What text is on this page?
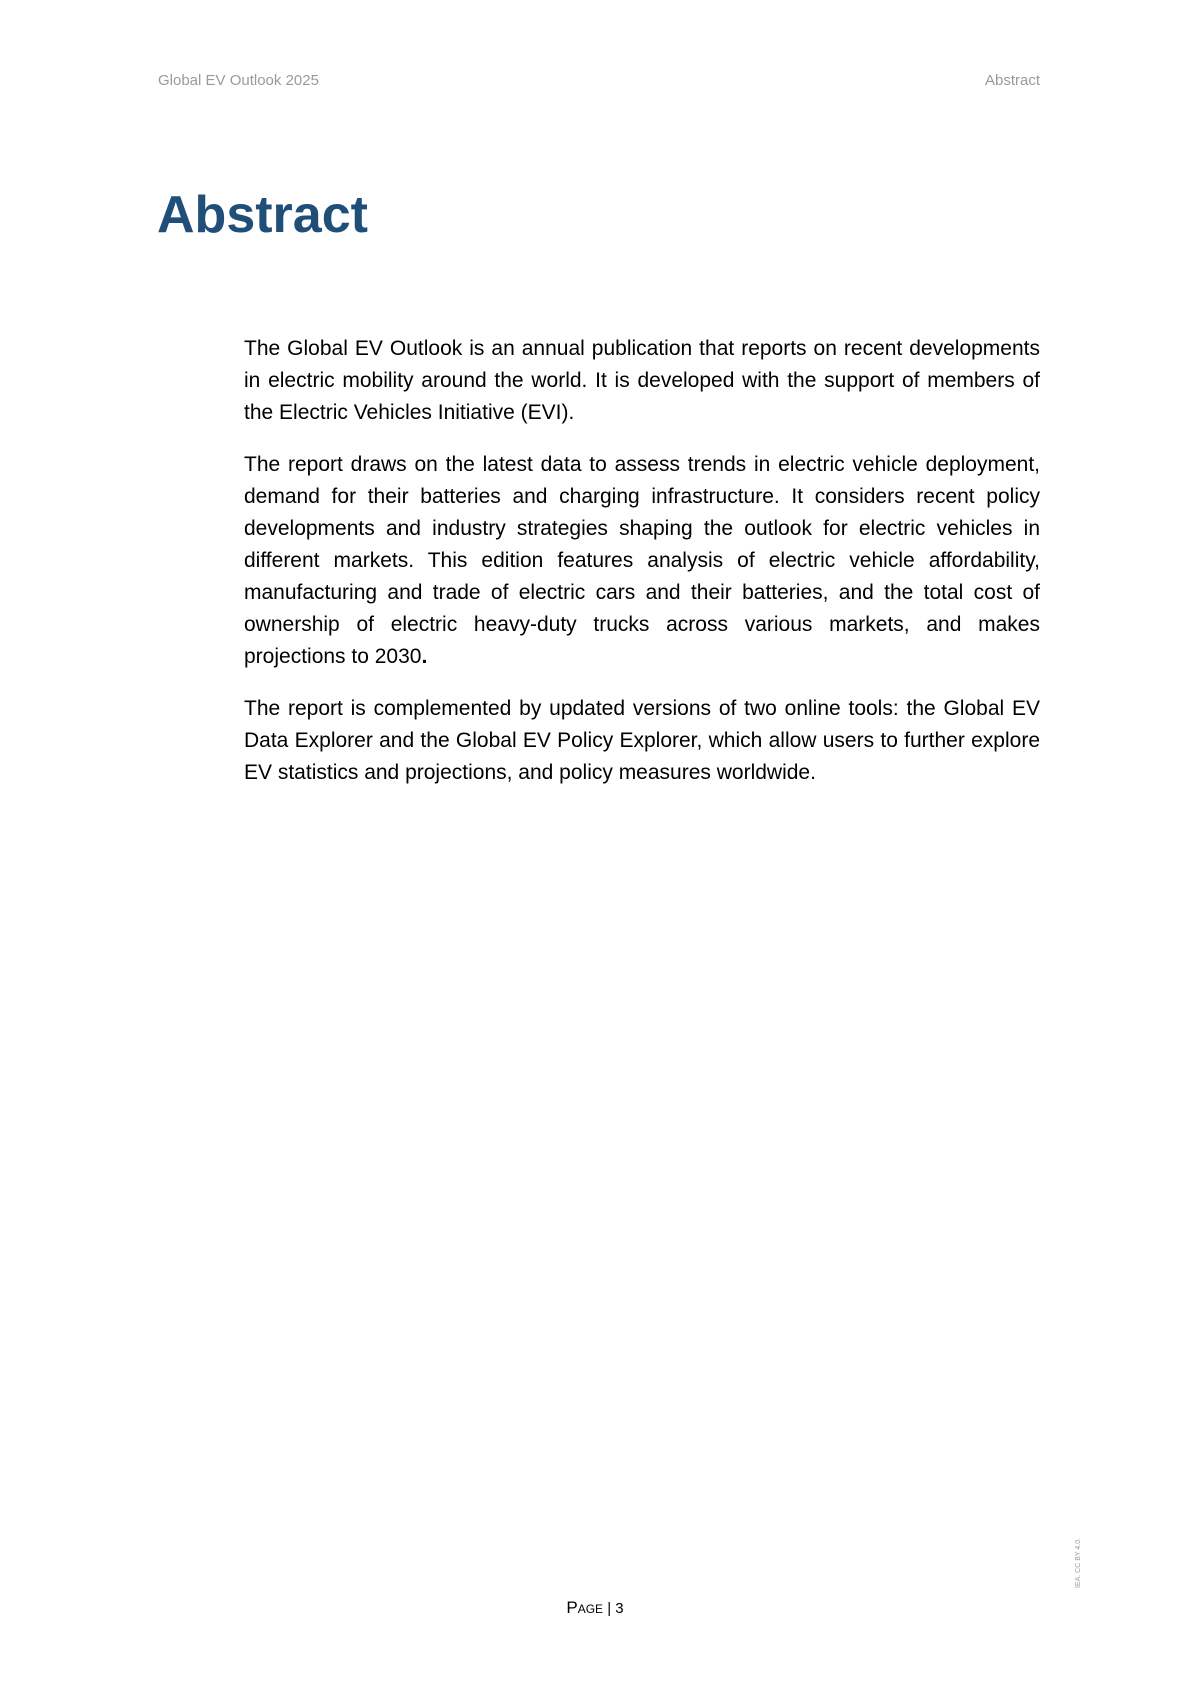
Global EV Outlook 2025	Abstract
Abstract

The Global EV Outlook is an annual publication that reports on recent developments in electric mobility around the world. It is developed with the support of members of the Electric Vehicles Initiative (EVI).

The report draws on the latest data to assess trends in electric vehicle deployment, demand for their batteries and charging infrastructure. It considers recent policy developments and industry strategies shaping the outlook for electric vehicles in different markets. This edition features analysis of electric vehicle affordability, manufacturing and trade of electric cars and their batteries, and the total cost of ownership of electric heavy-duty trucks across various markets, and makes projections to 2030.

The report is complemented by updated versions of two online tools: the Global EV Data Explorer and the Global EV Policy Explorer, which allow users to further explore EV statistics and projections, and policy measures worldwide.

Page | 3
IEA. CC BY 4.0.
